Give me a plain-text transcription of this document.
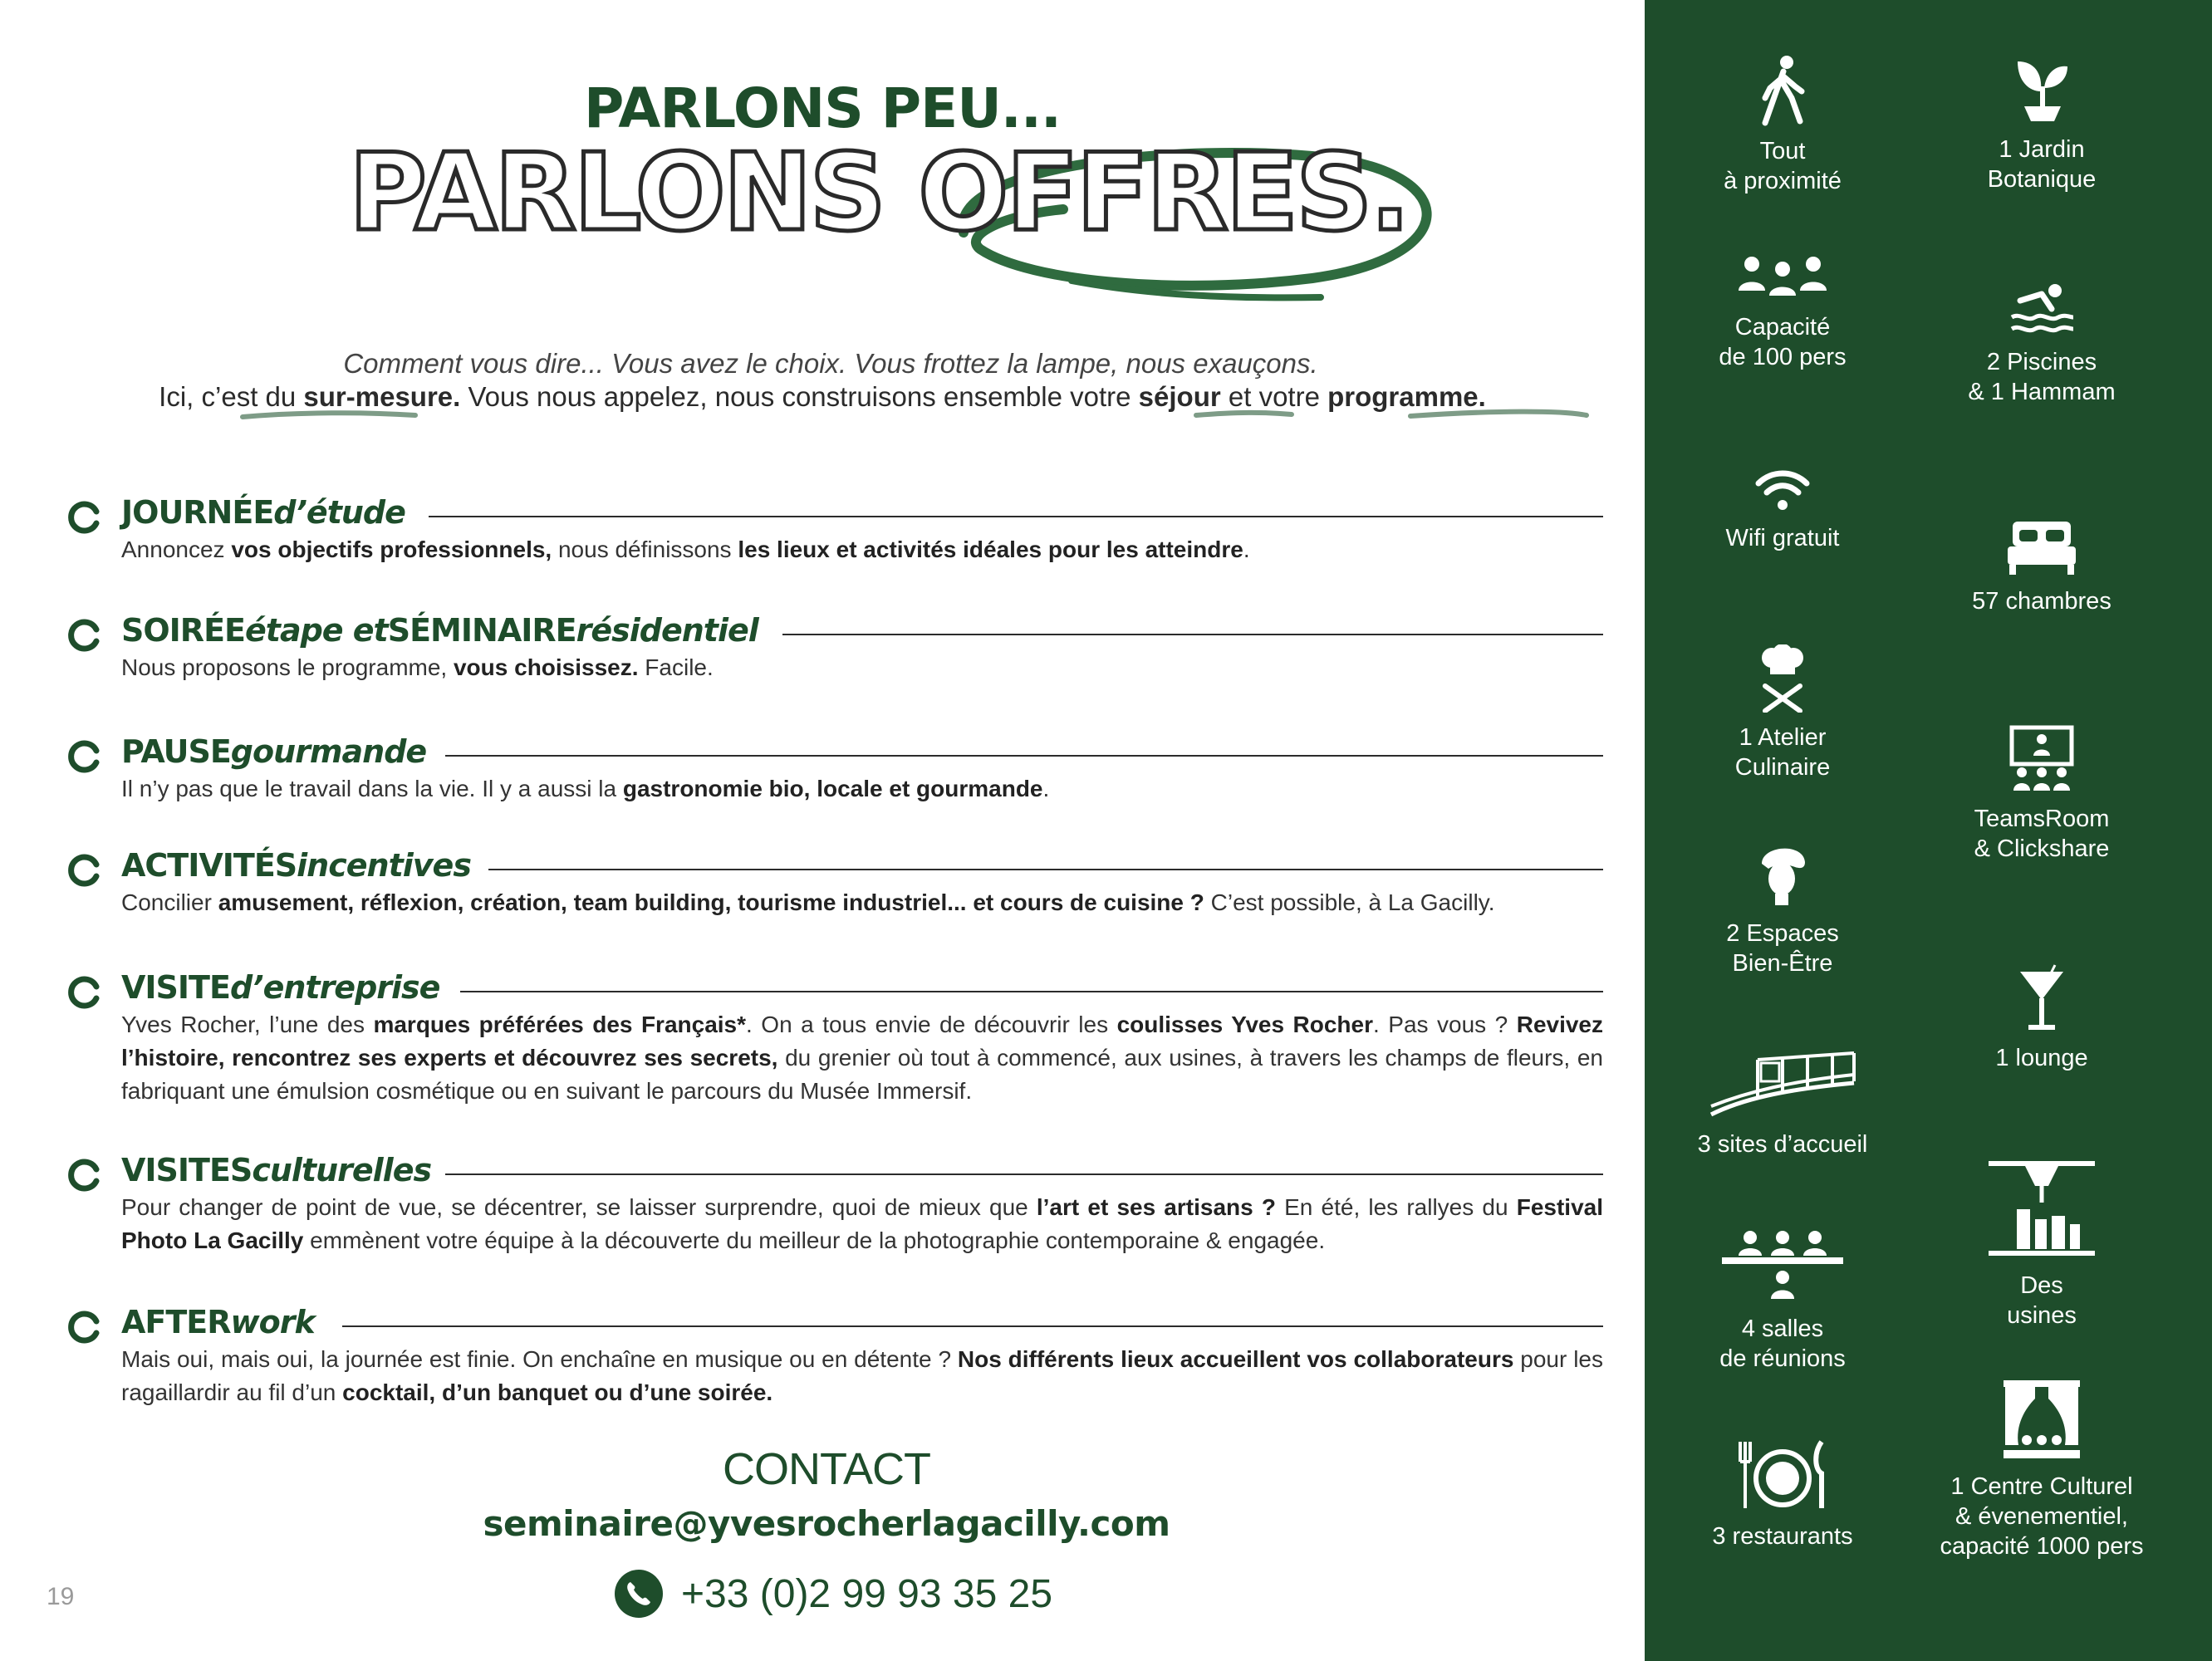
PARLONS PEU...
PARLONS OFFRES.
Comment vous dire... Vous avez le choix. Vous frottez la lampe, nous exauçons.
Ici, c’est du sur-mesure. Vous nous appelez, nous construisons ensemble votre séjour et votre programme.
JOURNÉE d’étude
Annoncez vos objectifs professionnels, nous définissons les lieux et activités idéales pour les atteindre.
SOIRÉE étape et SÉMINAIRE résidentiel
Nous proposons le programme, vous choisissez. Facile.
PAUSE gourmande
Il n’y pas que le travail dans la vie. Il y a aussi la gastronomie bio, locale et gourmande.
ACTIVITÉS incentives
Concilier amusement, réflexion, création, team building, tourisme industriel... et cours de cuisine ? C’est possible, à La Gacilly.
VISITE d’entreprise
Yves Rocher, l’une des marques préférées des Français*. On a tous envie de découvrir les coulisses Yves Rocher. Pas vous ? Revivez l’histoire, rencontrez ses experts et découvrez ses secrets, du grenier où tout à commencé, aux usines, à travers les champs de fleurs, en fabriquant une émulsion cosmétique ou en suivant le parcours du Musée Immersif.
VISITES culturelles
Pour changer de point de vue, se décentrer, se laisser surprendre, quoi de mieux que l’art et ses artisans ? En été, les rallyes du Festival Photo La Gacilly emmènent votre équipe à la découverte du meilleur de la photographie contemporaine & engagée.
AFTER work
Mais oui, mais oui, la journée est finie. On enchaîne en musique ou en détente ? Nos différents lieux accueillent vos collaborateurs pour les ragaillardir au fil d’un cocktail, d’un banquet ou d’une soirée.
CONTACT
seminaire@yvesrocherlagacilly.com
+33 (0)2 99 93 35 25
19
Tout
à proximité
Capacité
de 100 pers
Wifi gratuit
1 Atelier
Culinaire
2 Espaces
Bien-Être
3 sites d’accueil
4 salles
de réunions
3 restaurants
1 Jardin
Botanique
2 Piscines
& 1 Hammam
57 chambres
TeamsRoom
& Clickshare
1 lounge
Des
usines
1 Centre Culturel
& évenementiel,
capacité 1000 pers
